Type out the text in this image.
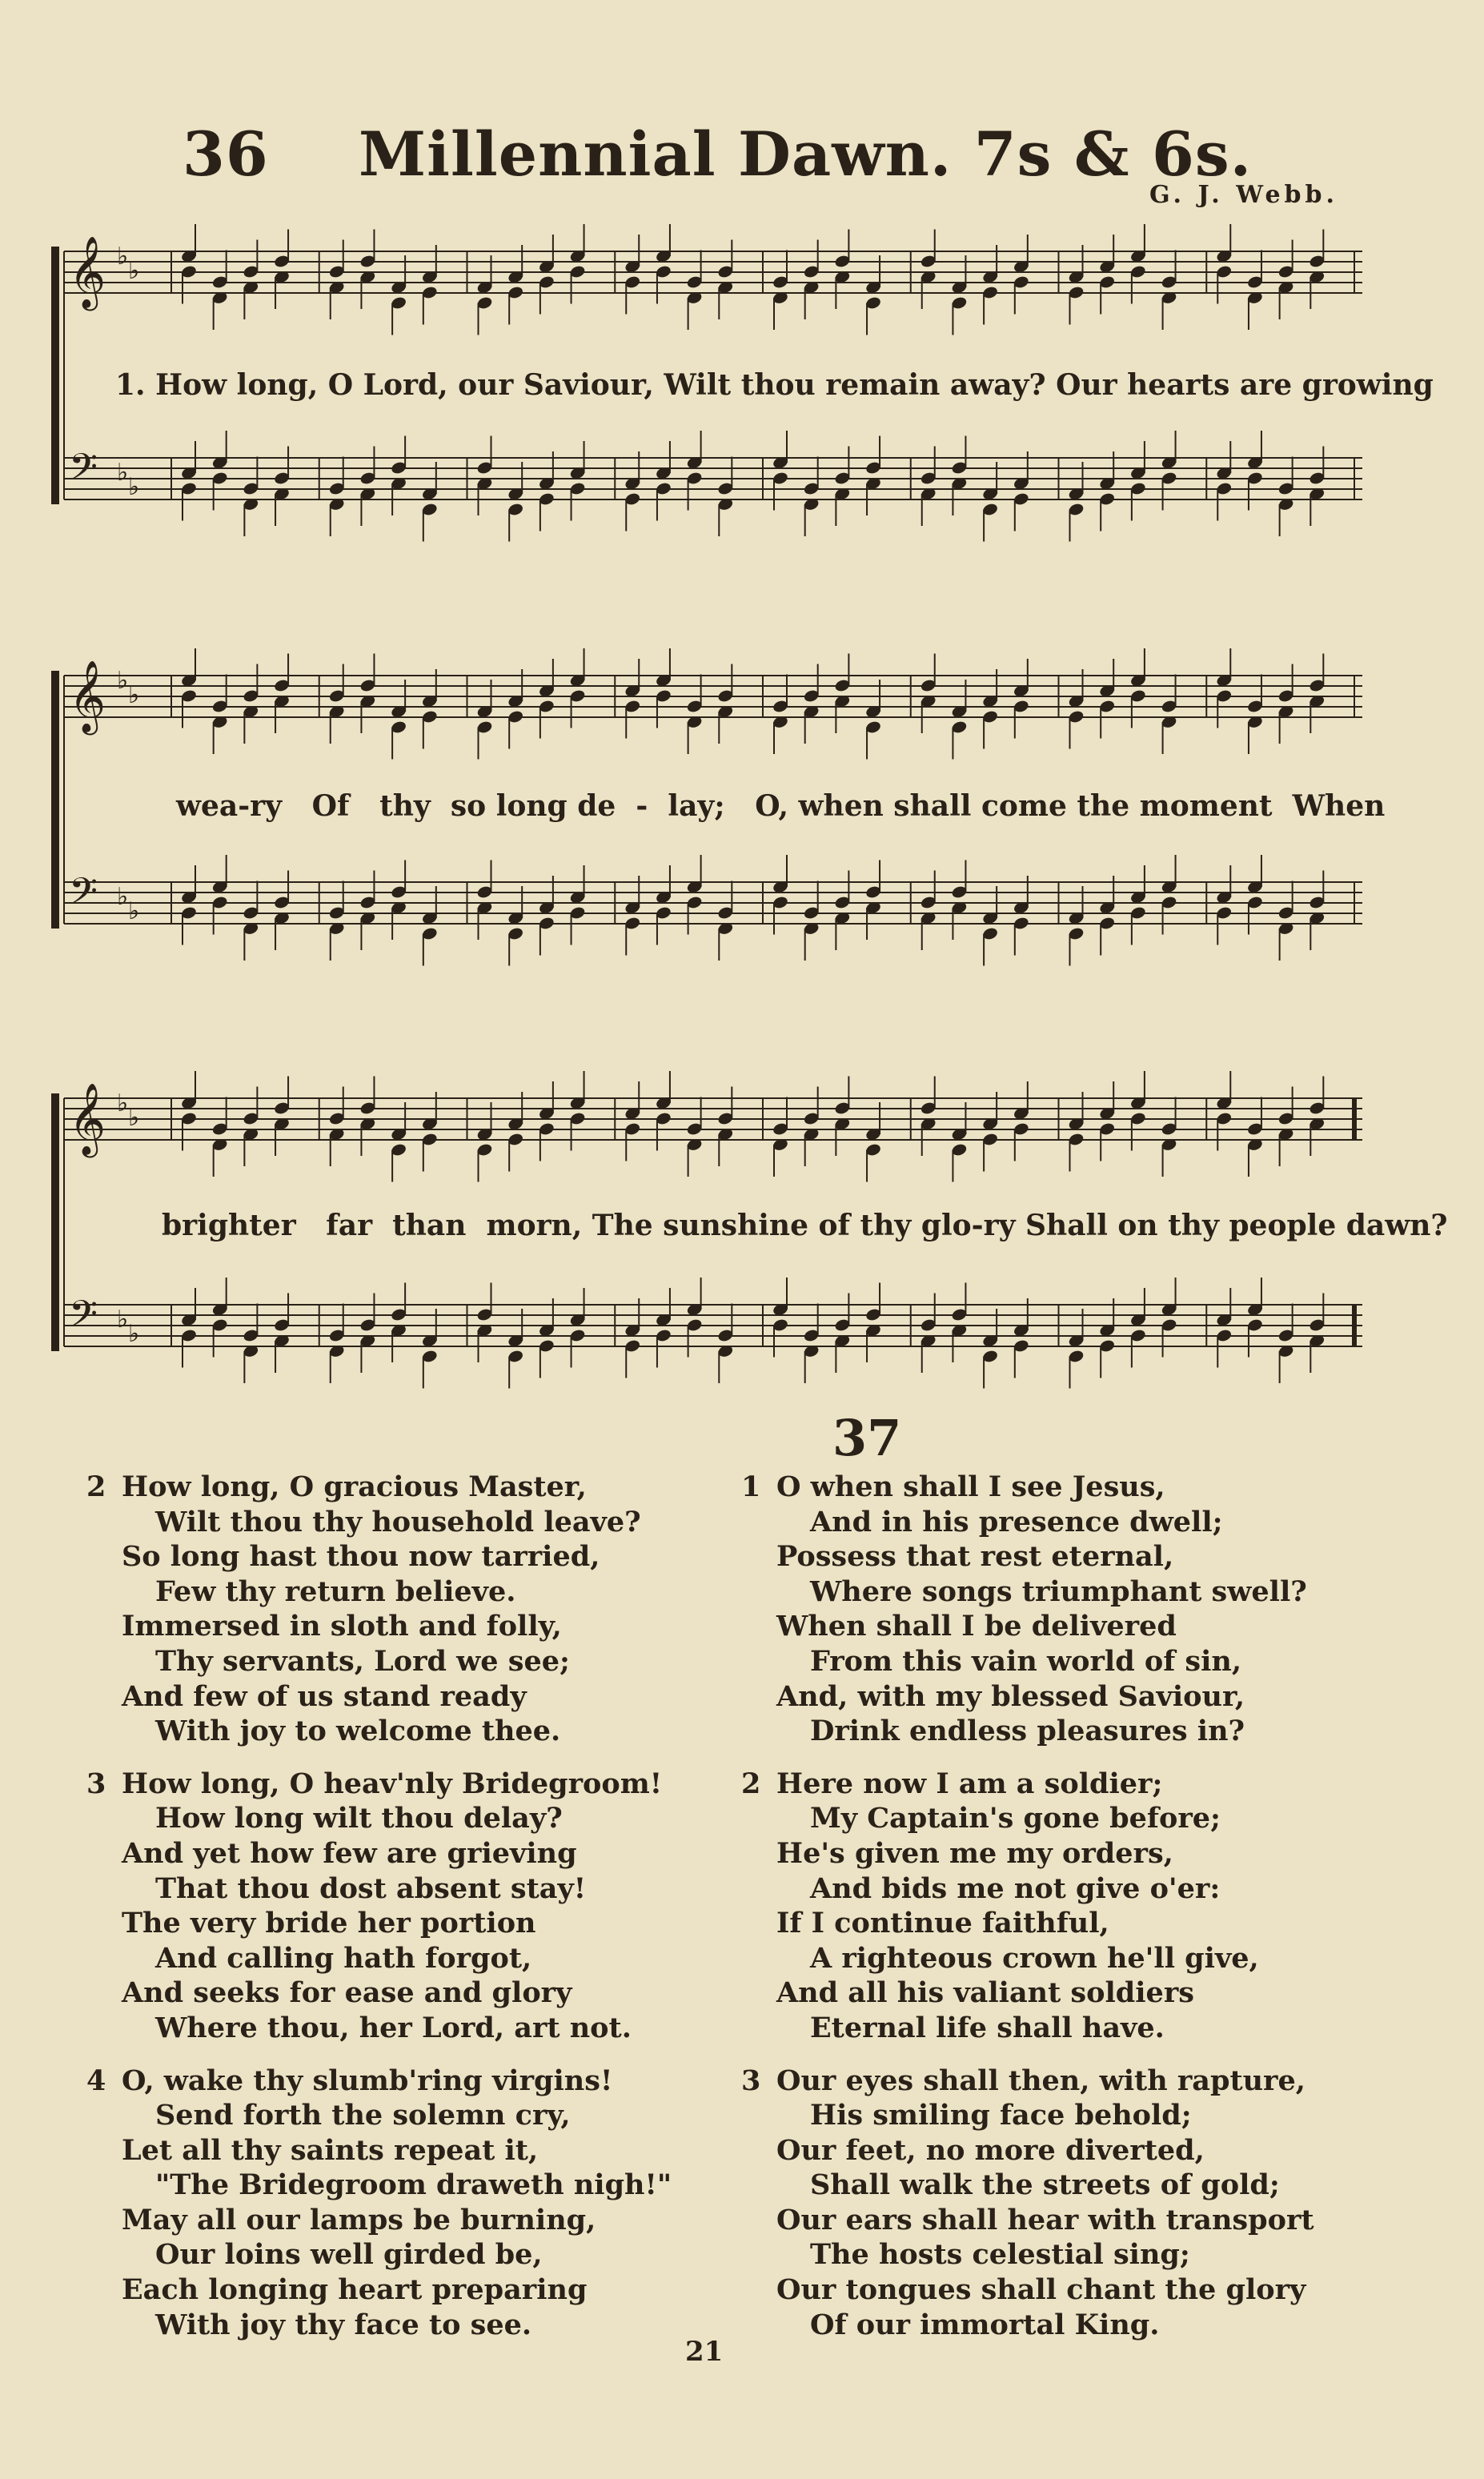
36 Millennial Dawn. 7s & 6s.
G. J. Webb.
𝄞 ♭
♭
𝄢 ♭
♭
1. How long, O Lord, our Saviour, Wilt thou remain away? Our hearts are growing
𝄞 ♭
♭
𝄢 ♭
♭
wea-ry   Of   thy  so long de  -  lay;   O, when shall come the moment  When
𝄞 ♭
♭
𝄢 ♭
♭
brighter   far  than  morn, The sunshine of thy glo-ry Shall on thy people dawn?
37
2 How long, O gracious Master,
Wilt thou thy household leave?
So long hast thou now tarried,
Few thy return believe.
Immersed in sloth and folly,
Thy servants, Lord we see;
And few of us stand ready
With joy to welcome thee.
3 How long, O heav'nly Bridegroom!
How long wilt thou delay?
And yet how few are grieving
That thou dost absent stay!
The very bride her portion
And calling hath forgot,
And seeks for ease and glory
Where thou, her Lord, art not.
4 O, wake thy slumb'ring virgins!
Send forth the solemn cry,
Let all thy saints repeat it,
"The Bridegroom draweth nigh!"
May all our lamps be burning,
Our loins well girded be,
Each longing heart preparing
With joy thy face to see.
1 O when shall I see Jesus,
And in his presence dwell;
Possess that rest eternal,
Where songs triumphant swell?
When shall I be delivered
From this vain world of sin,
And, with my blessed Saviour,
Drink endless pleasures in?
2 Here now I am a soldier;
My Captain's gone before;
He's given me my orders,
And bids me not give o'er:
If I continue faithful,
A righteous crown he'll give,
And all his valiant soldiers
Eternal life shall have.
3 Our eyes shall then, with rapture,
His smiling face behold;
Our feet, no more diverted,
Shall walk the streets of gold;
Our ears shall hear with transport
The hosts celestial sing;
Our tongues shall chant the glory
Of our immortal King.
21
